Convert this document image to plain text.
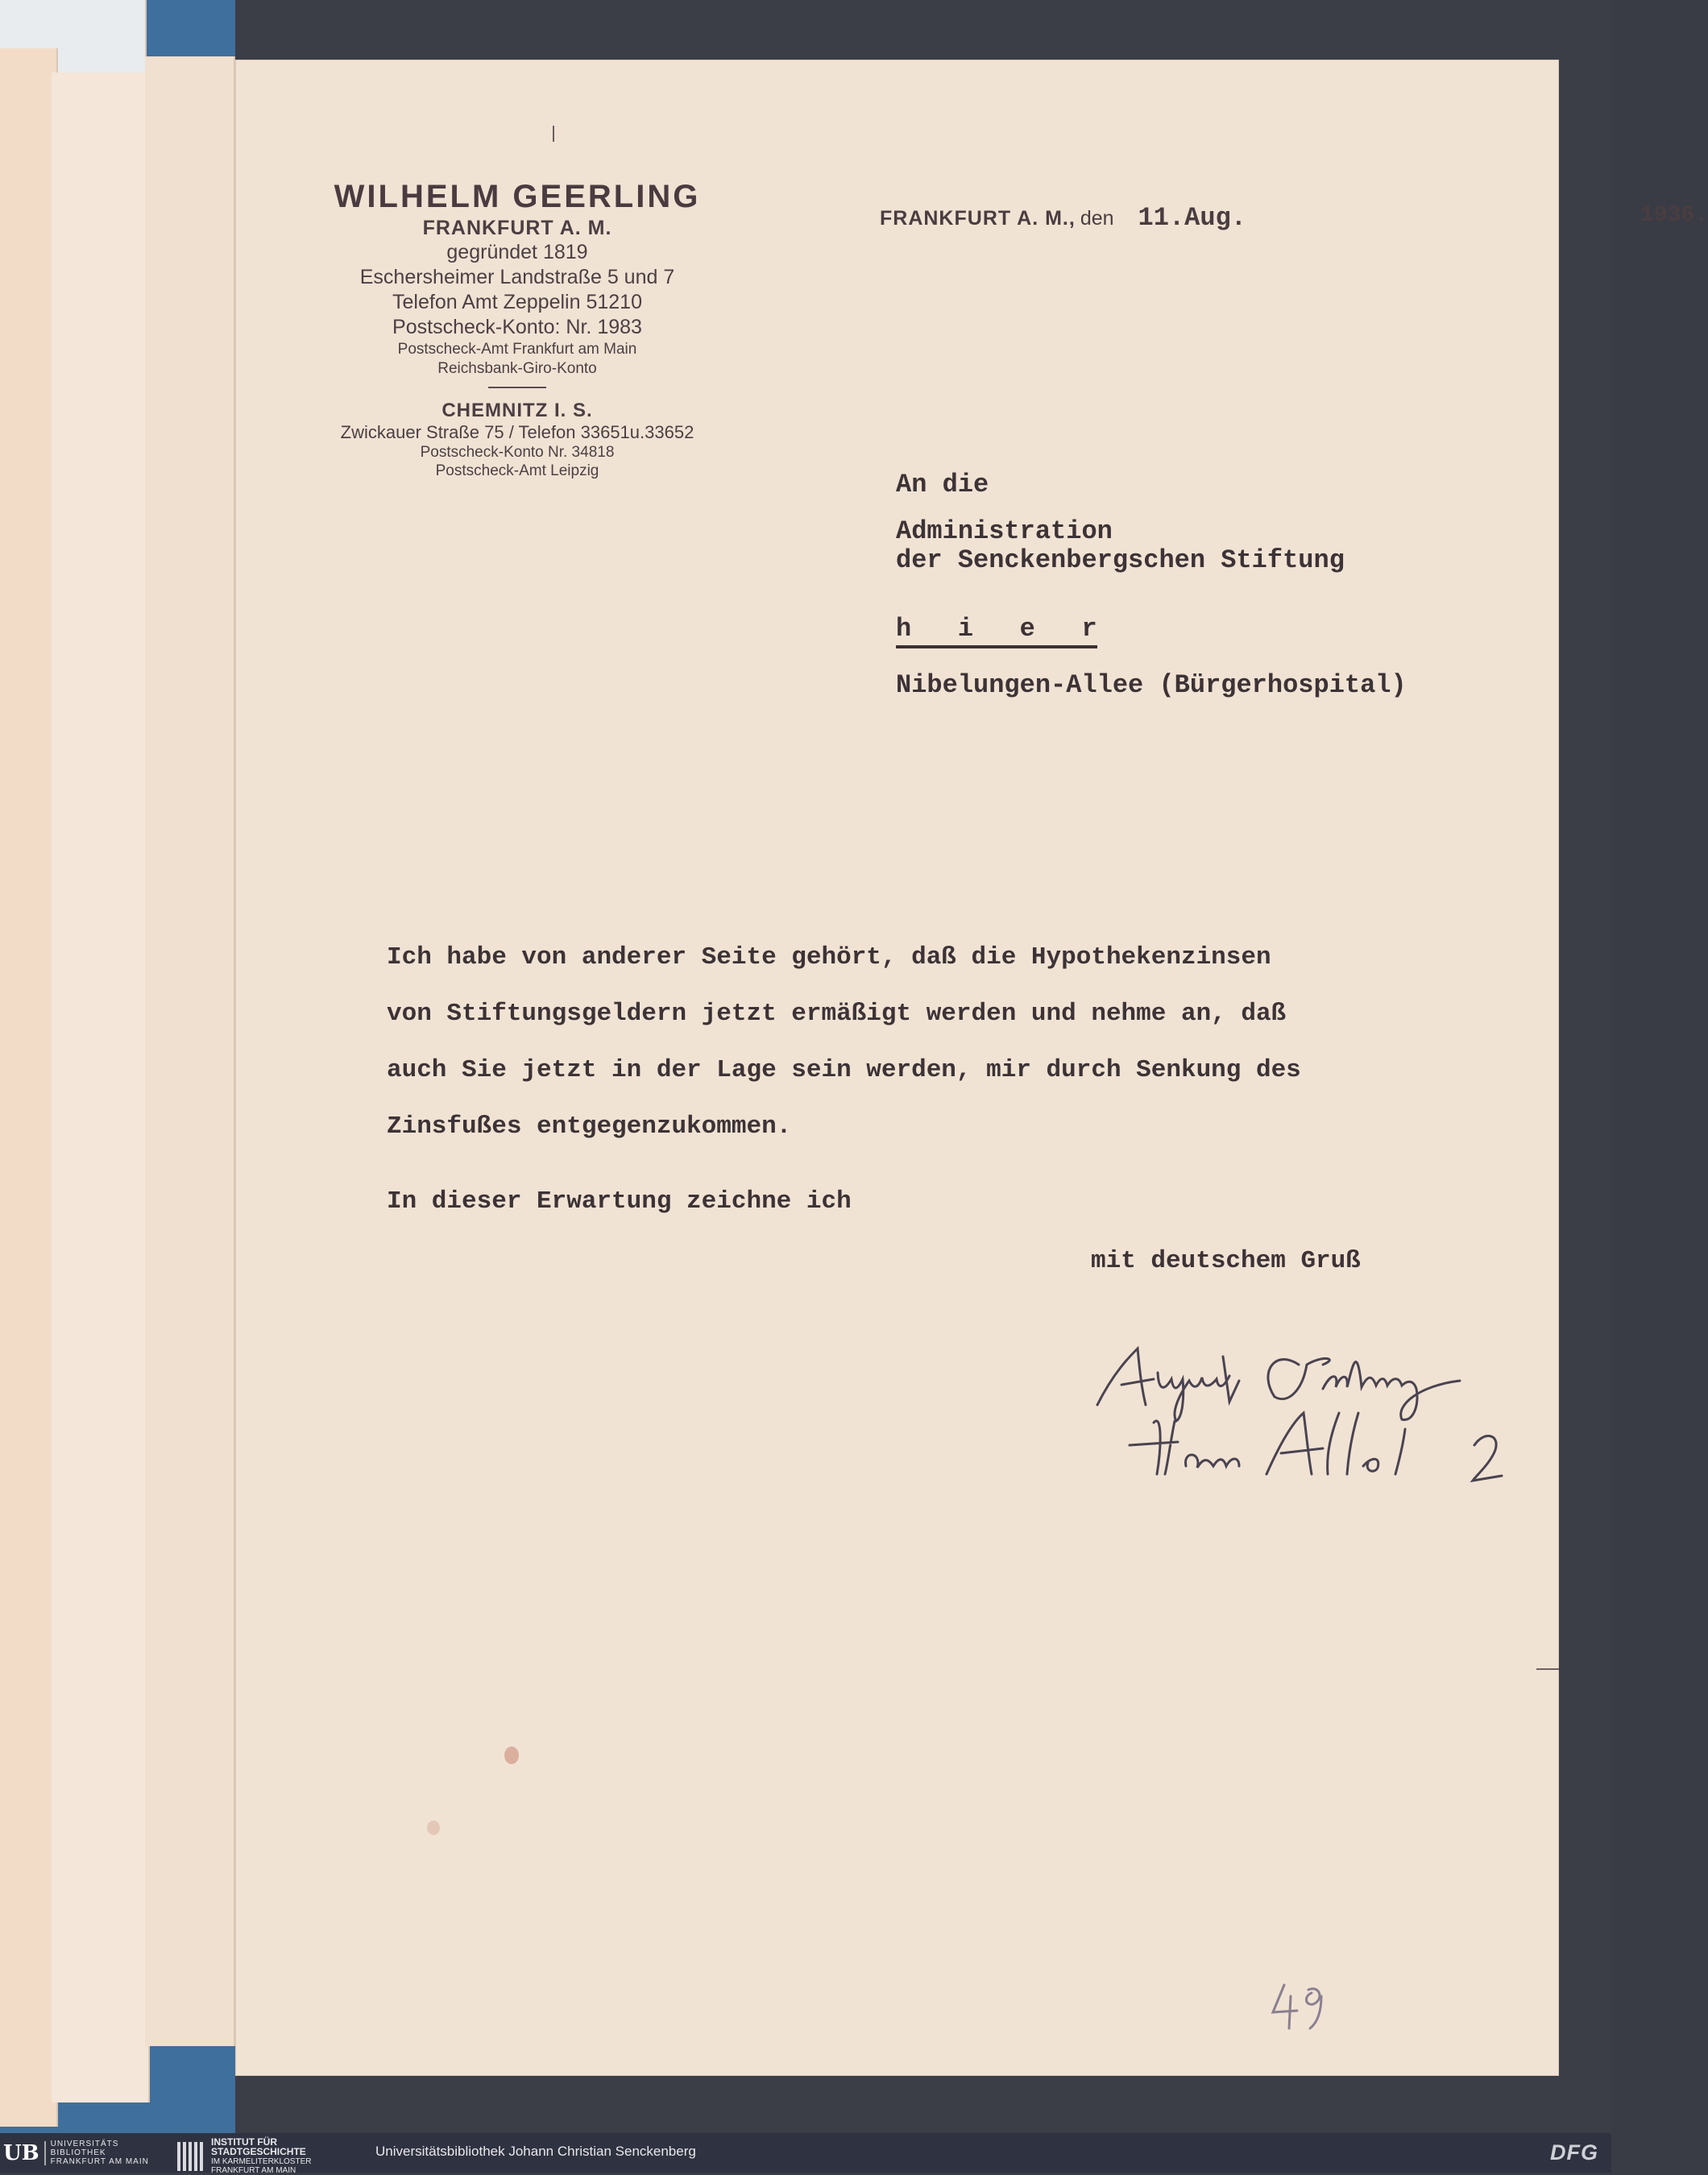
WILHELM GEERLING
FRANKFURT A. M.
gegründet 1819
Eschersheimer Landstraße 5 und 7
Telefon Amt Zeppelin 51210
Postscheck-Konto: Nr. 1983
Postscheck-Amt Frankfurt am Main
Reichsbank-Giro-Konto
CHEMNITZ I. S.
Zwickauer Straße 75 / Telefon 33651u.33652
Postscheck-Konto Nr. 34818
Postscheck-Amt Leipzig
FRANKFURT A. M., den 11.Aug.	1936.
An die
Administration
der Senckenbergschen Stiftung
h   i   e   r
Nibelungen-Allee (Bürgerhospital)
Ich habe von anderer Seite gehört, daß die Hypothekenzinsen
von Stiftungsgeldern jetzt ermäßigt werden und nehme an, daß
auch Sie jetzt in der Lage sein werden, mir durch Senkung des
Zinsfußes entgegenzukommen.
In dieser Erwartung zeichne ich
mit deutschem Gruß
UB	UNIVERSITÄTS
BIBLIOTHEK
FRANKFURT AM MAIN
INSTITUT FÜR
STADTGESCHICHTE
IM KARMELITERKLOSTER
FRANKFURT AM MAIN
Universitätsbibliothek Johann Christian Senckenberg	DFG
